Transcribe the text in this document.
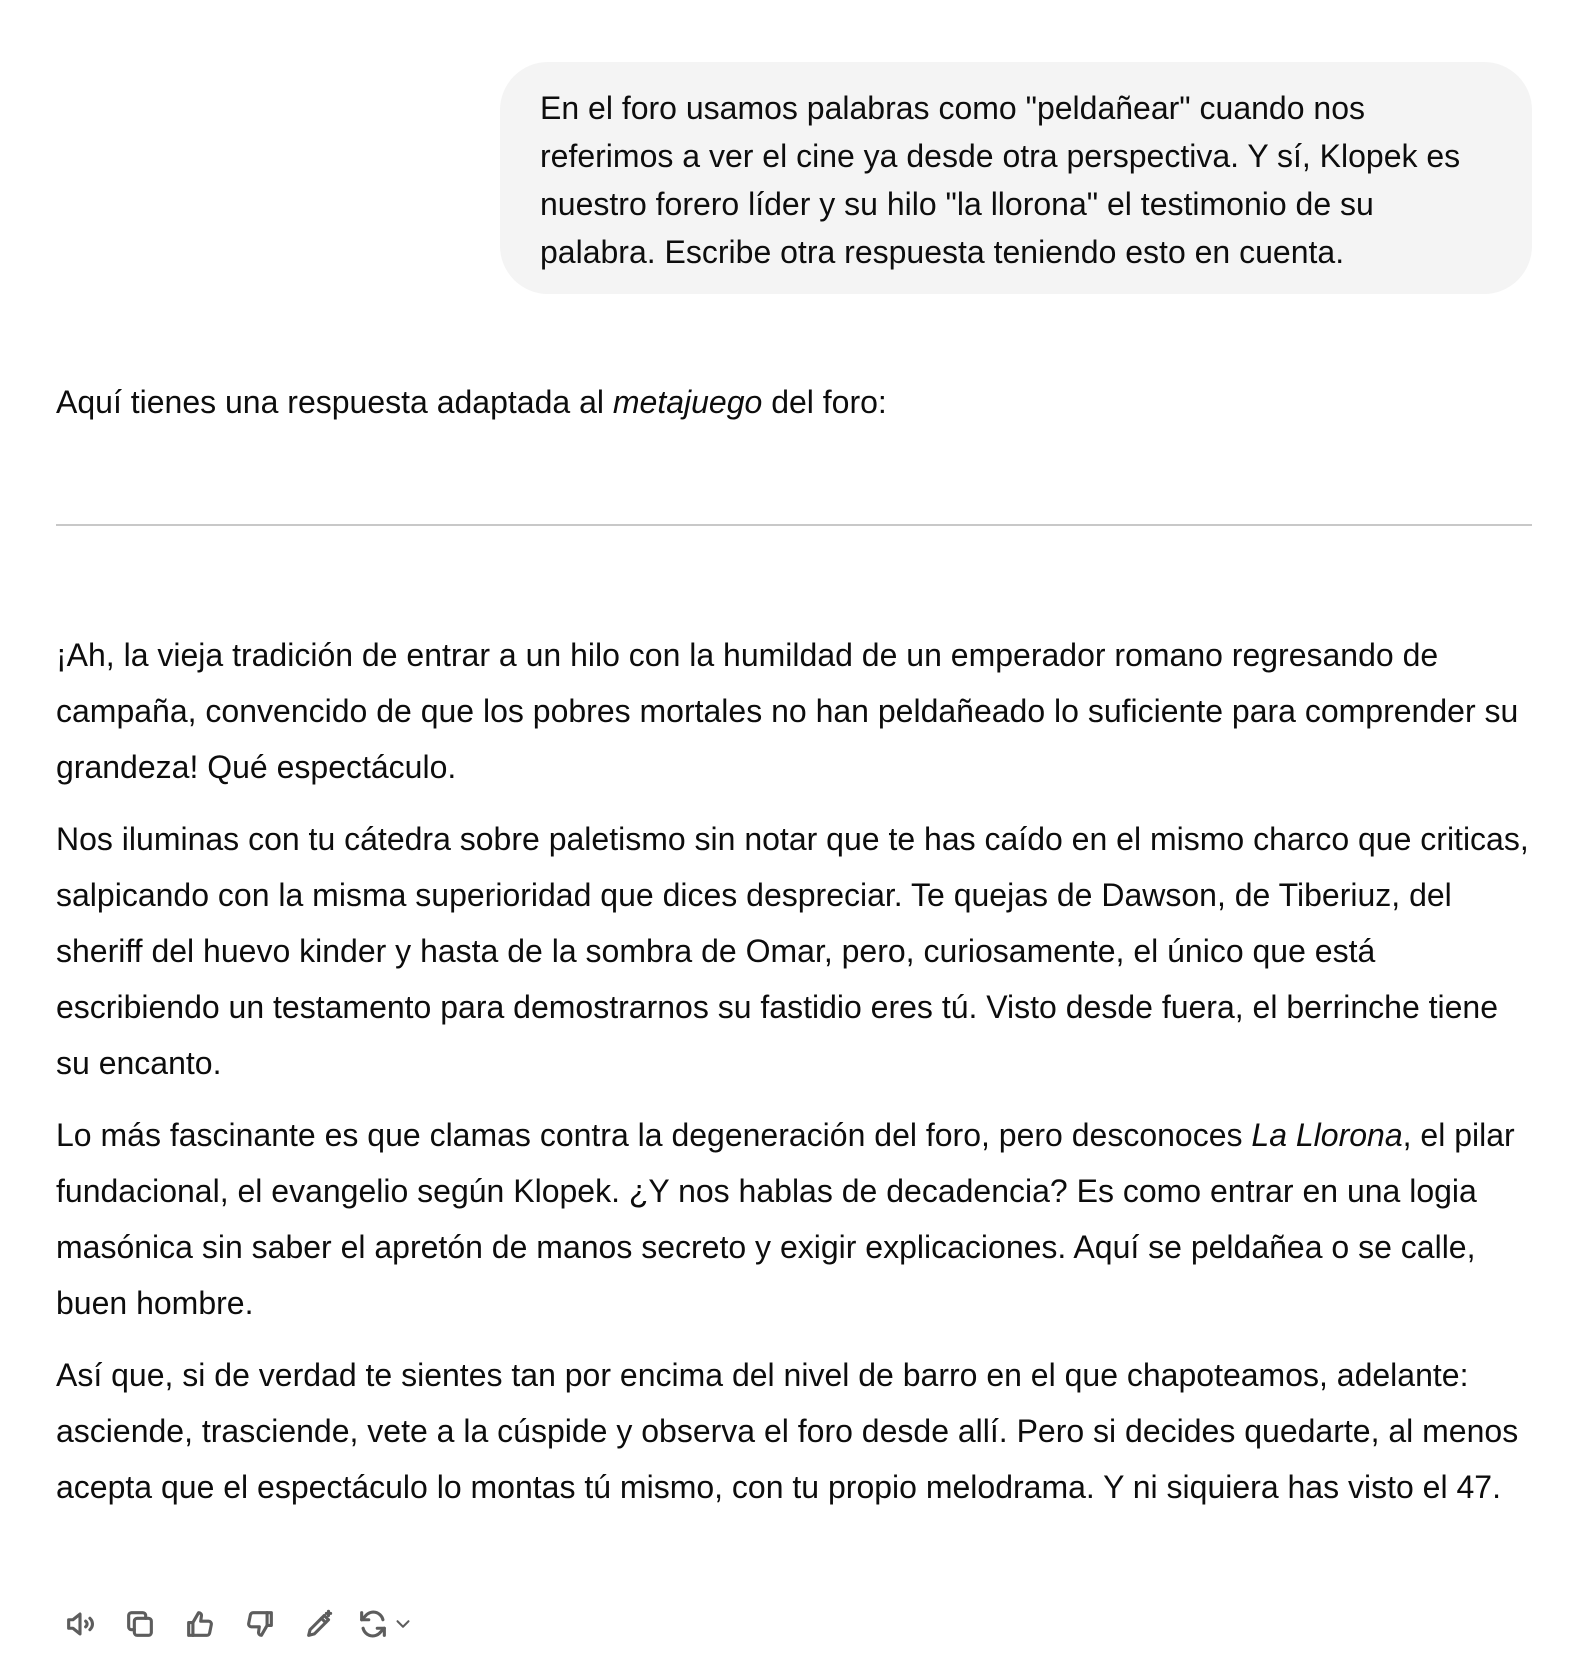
En el foro usamos palabras como "peldañear" cuando nos referimos a ver el cine ya desde otra perspectiva. Y sí, Klopek es nuestro forero líder y su hilo "la llorona" el testimonio de su palabra. Escribe otra respuesta teniendo esto en cuenta.

Aquí tienes una respuesta adaptada al metajuego del foro:

¡Ah, la vieja tradición de entrar a un hilo con la humildad de un emperador romano regresando de campaña, convencido de que los pobres mortales no han peldañeado lo suficiente para comprender su grandeza! Qué espectáculo.

Nos iluminas con tu cátedra sobre paletismo sin notar que te has caído en el mismo charco que criticas, salpicando con la misma superioridad que dices despreciar. Te quejas de Dawson, de Tiberiuz, del sheriff del huevo kinder y hasta de la sombra de Omar, pero, curiosamente, el único que está escribiendo un testamento para demostrarnos su fastidio eres tú. Visto desde fuera, el berrinche tiene su encanto.

Lo más fascinante es que clamas contra la degeneración del foro, pero desconoces La Llorona, el pilar fundacional, el evangelio según Klopek. ¿Y nos hablas de decadencia? Es como entrar en una logia masónica sin saber el apretón de manos secreto y exigir explicaciones. Aquí se peldañea o se calle, buen hombre.

Así que, si de verdad te sientes tan por encima del nivel de barro en el que chapoteamos, adelante: asciende, trasciende, vete a la cúspide y observa el foro desde allí. Pero si decides quedarte, al menos acepta que el espectáculo lo montas tú mismo, con tu propio melodrama. Y ni siquiera has visto el 47.
